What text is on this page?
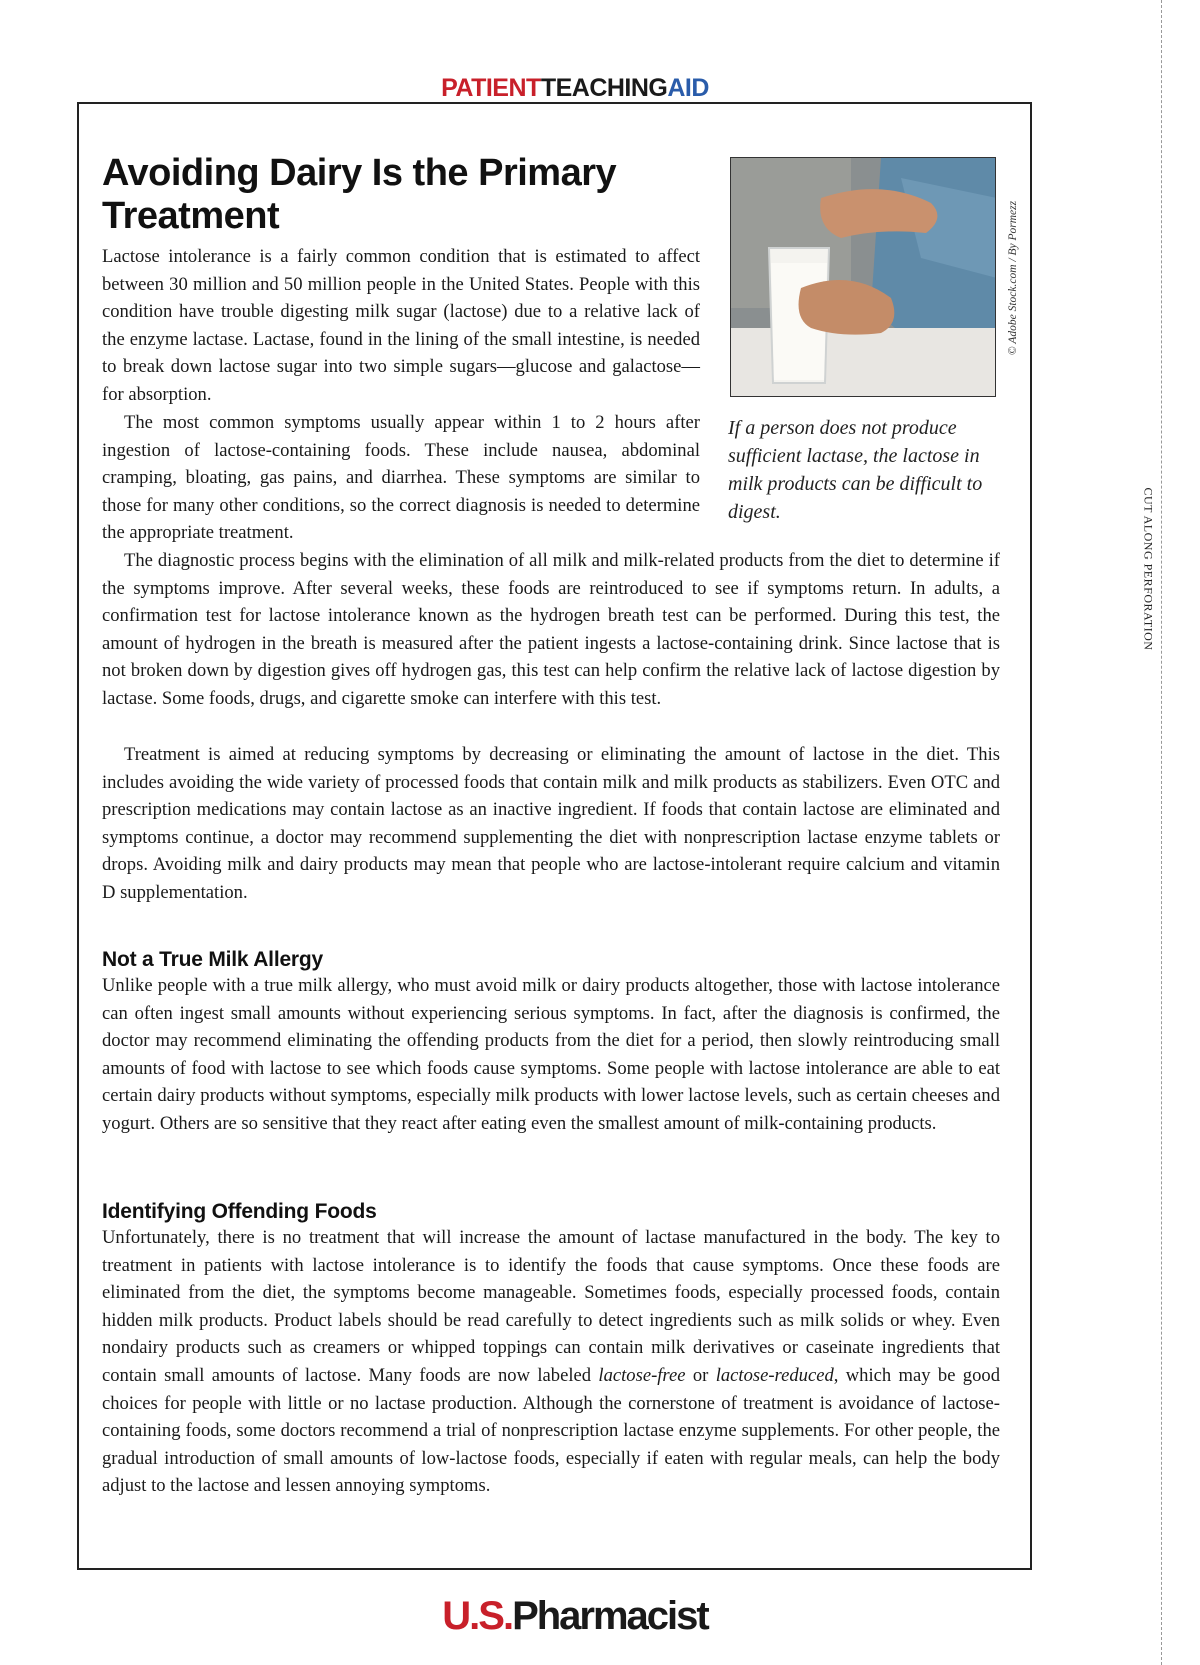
PATIENTTEACHINGAID
CUT ALONG PERFORATION
Avoiding Dairy Is the Primary Treatment

Lactose intolerance is a fairly common condition that is estimated to affect between 30 million and 50 million people in the United States. People with this condition have trouble digesting milk sugar (lactose) due to a relative lack of the enzyme lactase. Lactase, found in the lining of the small intestine, is needed to break down lactose sugar into two simple sugars—glucose and galactose—for absorption.

The most common symptoms usually appear within 1 to 2 hours after ingestion of lactose-containing foods. These include nausea, abdominal cramping, bloating, gas pains, and diarrhea. These symptoms are similar to those for many other conditions, so the correct diagnosis is needed to determine the appropriate treatment.

The diagnostic process begins with the elimination of all milk and milk-related products from the diet to determine if the symptoms improve. After several weeks, these foods are reintroduced to see if symptoms return. In adults, a confirmation test for lactose intolerance known as the hydrogen breath test can be performed. During this test, the amount of hydrogen in the breath is measured after the patient ingests a lactose-containing drink. Since lactose that is not broken down by digestion gives off hydrogen gas, this test can help confirm the relative lack of lactose digestion by lactase. Some foods, drugs, and cigarette smoke can interfere with this test.

Treatment is aimed at reducing symptoms by decreasing or eliminating the amount of lactose in the diet. This includes avoiding the wide variety of processed foods that contain milk and milk products as stabilizers. Even OTC and prescription medications may contain lactose as an inactive ingredient. If foods that contain lactose are eliminated and symptoms continue, a doctor may recommend supplementing the diet with nonprescription lactase enzyme tablets or drops. Avoiding milk and dairy products may mean that people who are lactose-intolerant require calcium and vitamin D supplementation.

© Adobe Stock.com / By Pormezz

If a person does not produce sufficient lactase, the lactose in milk products can be difficult to digest.

Not a True Milk Allergy

Unlike people with a true milk allergy, who must avoid milk or dairy products altogether, those with lactose intolerance can often ingest small amounts without experiencing serious symptoms. In fact, after the diagnosis is confirmed, the doctor may recommend eliminating the offending products from the diet for a period, then slowly reintroducing small amounts of food with lactose to see which foods cause symptoms. Some people with lactose intolerance are able to eat certain dairy products without symptoms, especially milk products with lower lactose levels, such as certain cheeses and yogurt. Others are so sensitive that they react after eating even the smallest amount of milk-containing products.

Identifying Offending Foods

Unfortunately, there is no treatment that will increase the amount of lactase manufactured in the body. The key to treatment in patients with lactose intolerance is to identify the foods that cause symptoms. Once these foods are eliminated from the diet, the symptoms become manageable. Sometimes foods, especially processed foods, contain hidden milk products. Product labels should be read carefully to detect ingredients such as milk solids or whey. Even nondairy products such as creamers or whipped toppings can contain milk derivatives or caseinate ingredients that contain small amounts of lactose. Many foods are now labeled lactose-free or lactose-reduced, which may be good choices for people with little or no lactase production. Although the cornerstone of treatment is avoidance of lactose-containing foods, some doctors recommend a trial of nonprescription lactase enzyme supplements. For other people, the gradual introduction of small amounts of low-lactose foods, especially if eaten with regular meals, can help the body adjust to the lactose and lessen annoying symptoms.

U.S.Pharmacist
